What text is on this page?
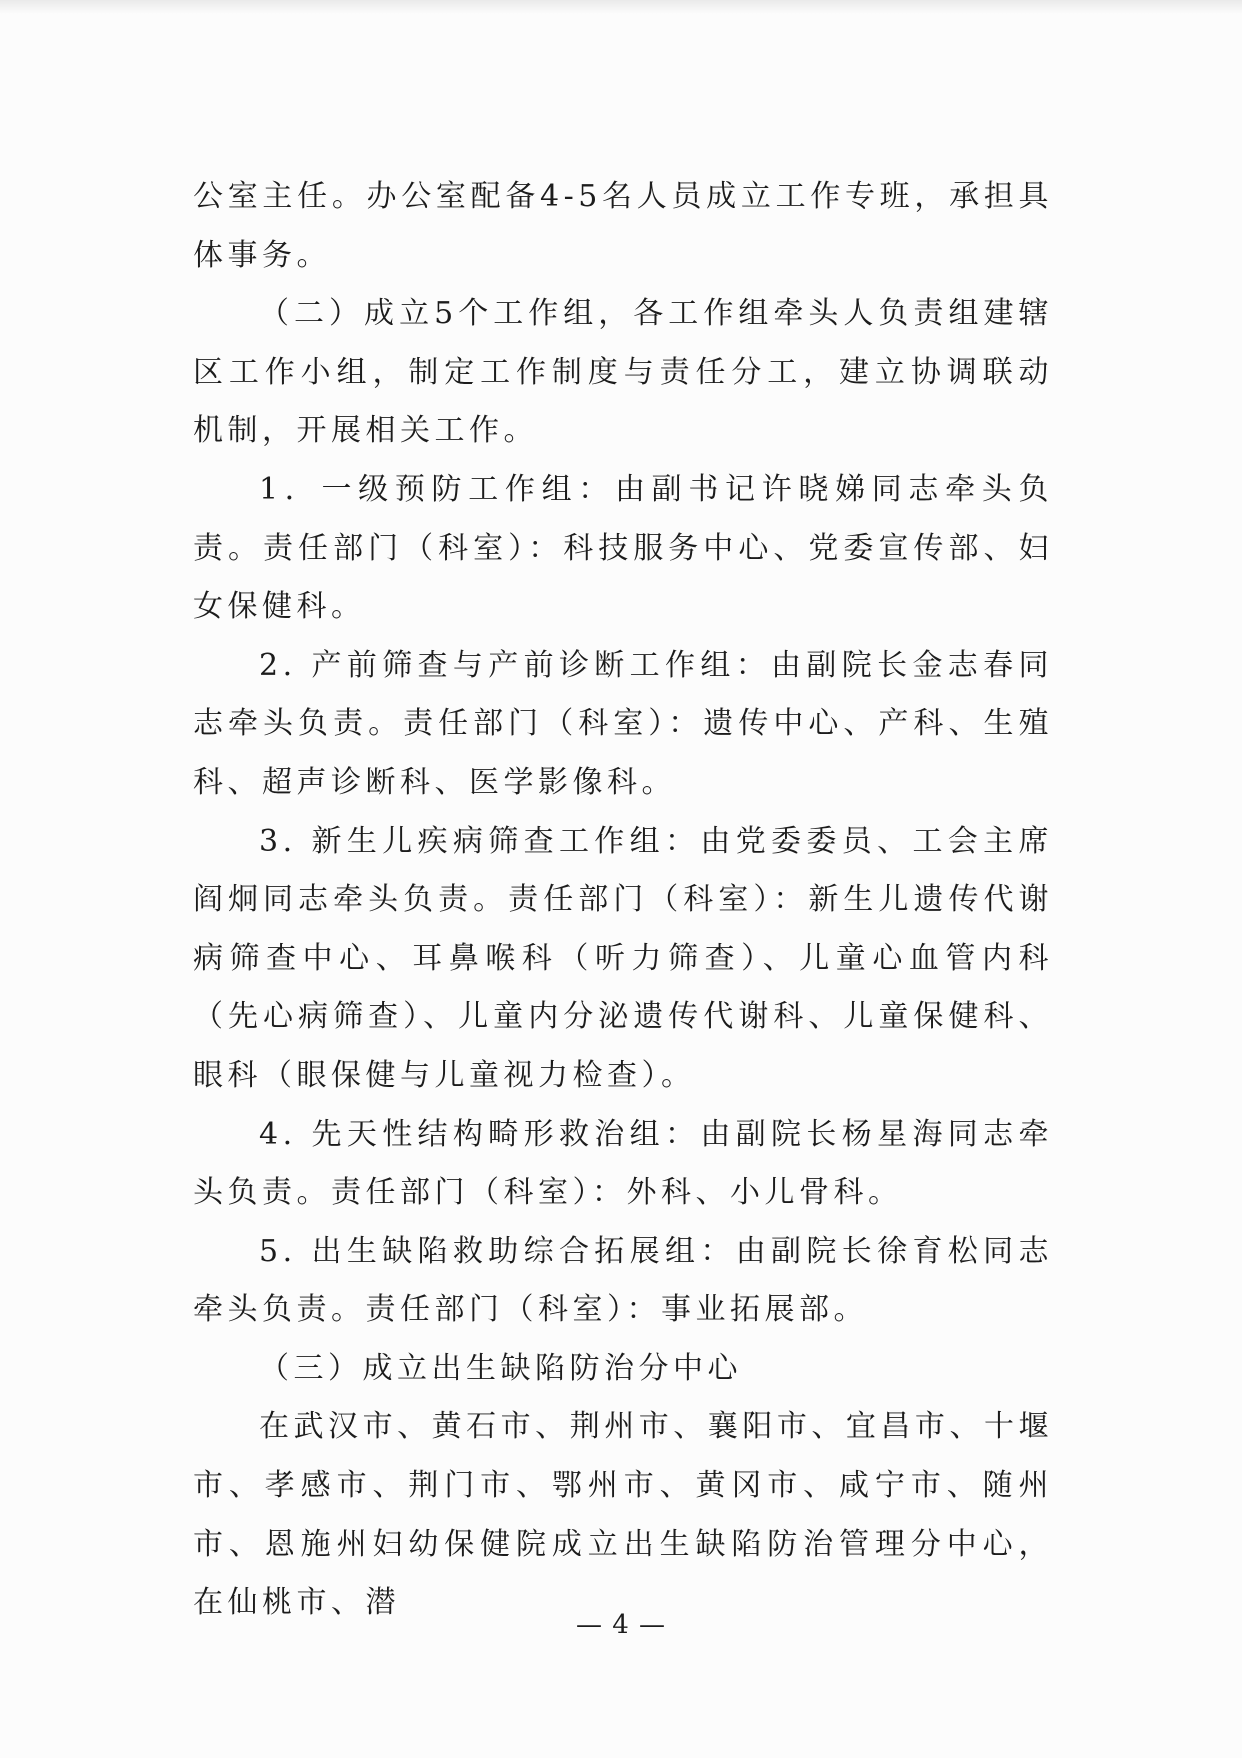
公室主任。办公室配备4-5名人员成立工作专班，承担具体事务。

（二）成立5个工作组，各工作组牵头人负责组建辖区工作小组，制定工作制度与责任分工，建立协调联动机制，开展相关工作。

1．一级预防工作组：由副书记许晓娣同志牵头负责。责任部门（科室）：科技服务中心、党委宣传部、妇女保健科。

2. 产前筛查与产前诊断工作组：由副院长金志春同志牵头负责。责任部门（科室）：遗传中心、产科、生殖科、超声诊断科、医学影像科。

3. 新生儿疾病筛查工作组：由党委委员、工会主席阎炯同志牵头负责。责任部门（科室）：新生儿遗传代谢病筛查中心、耳鼻喉科（听力筛查）、儿童心血管内科（先心病筛查）、儿童内分泌遗传代谢科、儿童保健科、眼科（眼保健与儿童视力检查）。

4. 先天性结构畸形救治组：由副院长杨星海同志牵头负责。责任部门（科室）：外科、小儿骨科。

5. 出生缺陷救助综合拓展组：由副院长徐育松同志牵头负责。责任部门（科室）：事业拓展部。

（三）成立出生缺陷防治分中心

在武汉市、黄石市、荆州市、襄阳市、宜昌市、十堰市、孝感市、荆门市、鄂州市、黄冈市、咸宁市、随州市、恩施州妇幼保健院成立出生缺陷防治管理分中心，在仙桃市、潜

— 4 —
